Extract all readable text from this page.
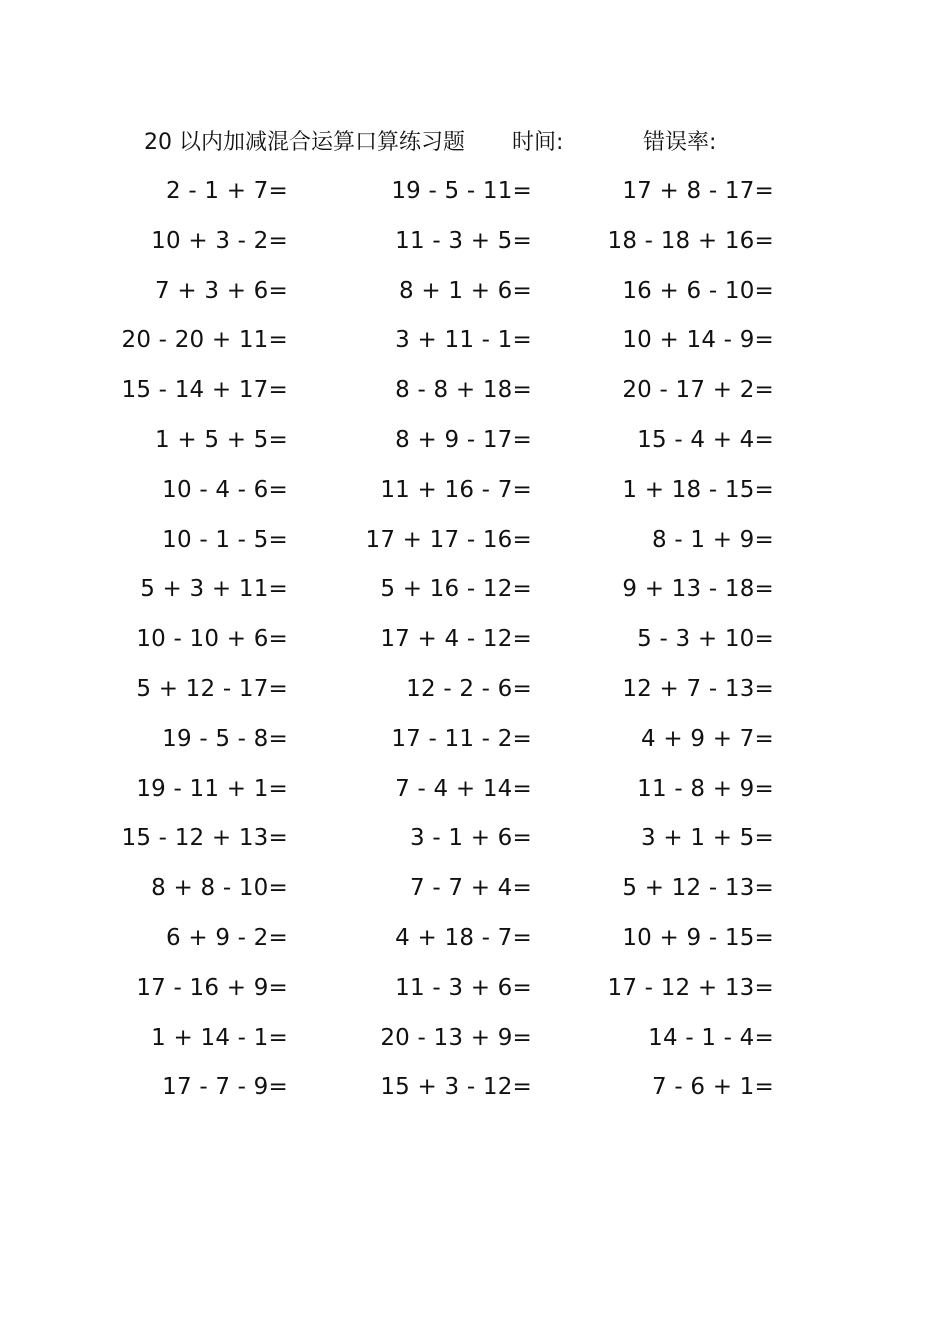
20 以内加减混合运算口算练习题 时间:	错误率:
2 - 1 + 7=	19 - 5 - 11=	17 + 8 - 17=
10 + 3 - 2=	11 - 3 + 5=	18 - 18 + 16=
7 + 3 + 6=	8 + 1 + 6=	16 + 6 - 10=
20 - 20 + 11=	3 + 11 - 1=	10 + 14 - 9=
15 - 14 + 17=	8 - 8 + 18=	20 - 17 + 2=
1 + 5 + 5=	8 + 9 - 17=	15 - 4 + 4=
10 - 4 - 6=	11 + 16 - 7=	1 + 18 - 15=
10 - 1 - 5=	17 + 17 - 16=	8 - 1 + 9=
5 + 3 + 11=	5 + 16 - 12=	9 + 13 - 18=
10 - 10 + 6=	17 + 4 - 12=	5 - 3 + 10=
5 + 12 - 17=	12 - 2 - 6=	12 + 7 - 13=
19 - 5 - 8=	17 - 11 - 2=	4 + 9 + 7=
19 - 11 + 1=	7 - 4 + 14=	11 - 8 + 9=
15 - 12 + 13=	3 - 1 + 6=	3 + 1 + 5=
8 + 8 - 10=	7 - 7 + 4=	5 + 12 - 13=
6 + 9 - 2=	4 + 18 - 7=	10 + 9 - 15=
17 - 16 + 9=	11 - 3 + 6=	17 - 12 + 13=
1 + 14 - 1=	20 - 13 + 9=	14 - 1 - 4=
17 - 7 - 9=	15 + 3 - 12=	7 - 6 + 1=
